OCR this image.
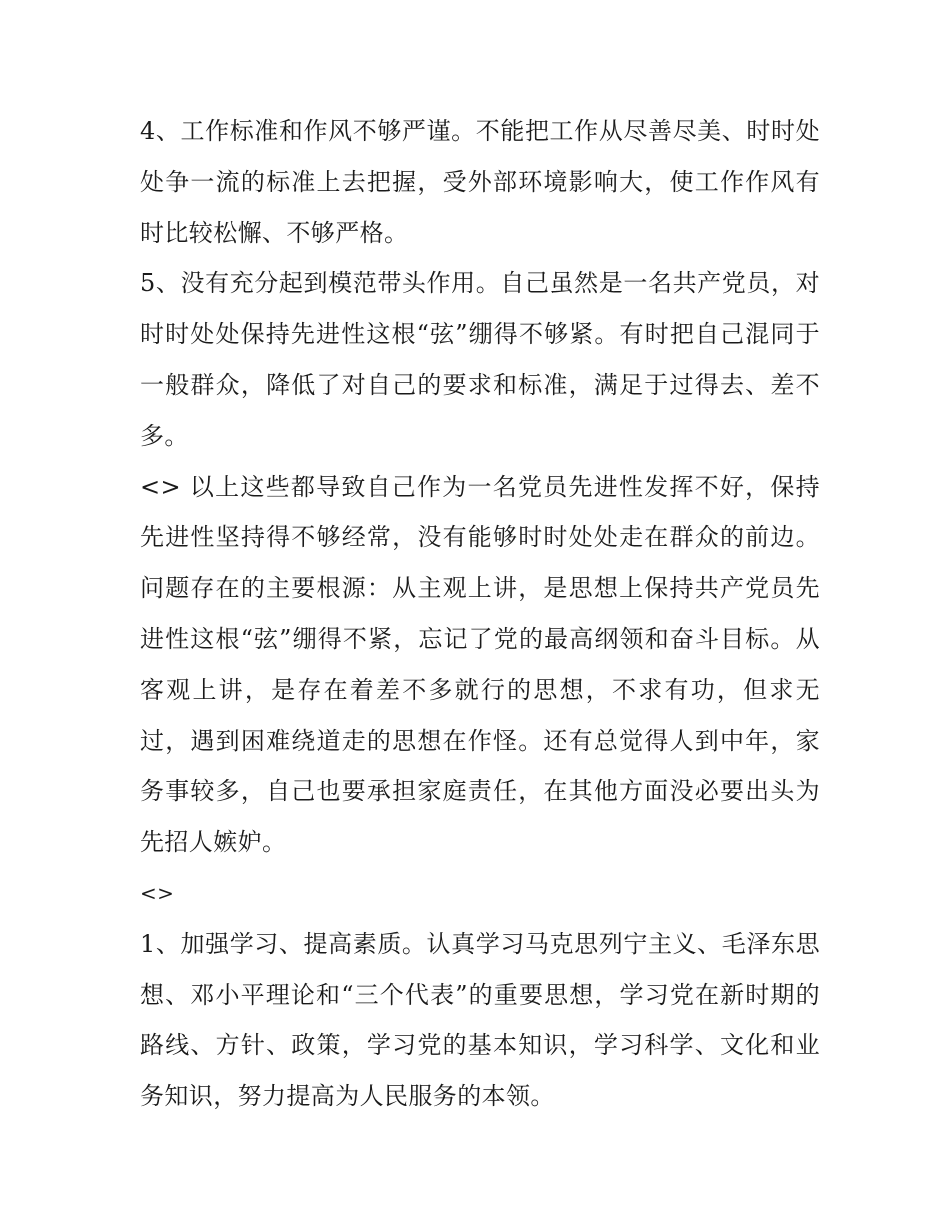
4、工作标准和作风不够严谨。不能把工作从尽善尽美、时时处处争一流的标准上去把握，受外部环境影响大，使工作作风有时比较松懈、不够严格。

5、没有充分起到模范带头作用。自己虽然是一名共产党员，对时时处处保持先进性这根“弦”绷得不够紧。有时把自己混同于一般群众，降低了对自己的要求和标准，满足于过得去、差不多。

<> 以上这些都导致自己作为一名党员先进性发挥不好，保持先进性坚持得不够经常，没有能够时时处处走在群众的前边。问题存在的主要根源：从主观上讲，是思想上保持共产党员先进性这根“弦”绷得不紧，忘记了党的最高纲领和奋斗目标。从客观上讲，是存在着差不多就行的思想，不求有功，但求无过，遇到困难绕道走的思想在作怪。还有总觉得人到中年，家务事较多，自己也要承担家庭责任，在其他方面没必要出头为先招人嫉妒。

<>

1、加强学习、提高素质。认真学习马克思列宁主义、毛泽东思想、邓小平理论和“三个代表”的重要思想，学习党在新时期的路线、方针、政策，学习党的基本知识，学习科学、文化和业务知识，努力提高为人民服务的本领。
